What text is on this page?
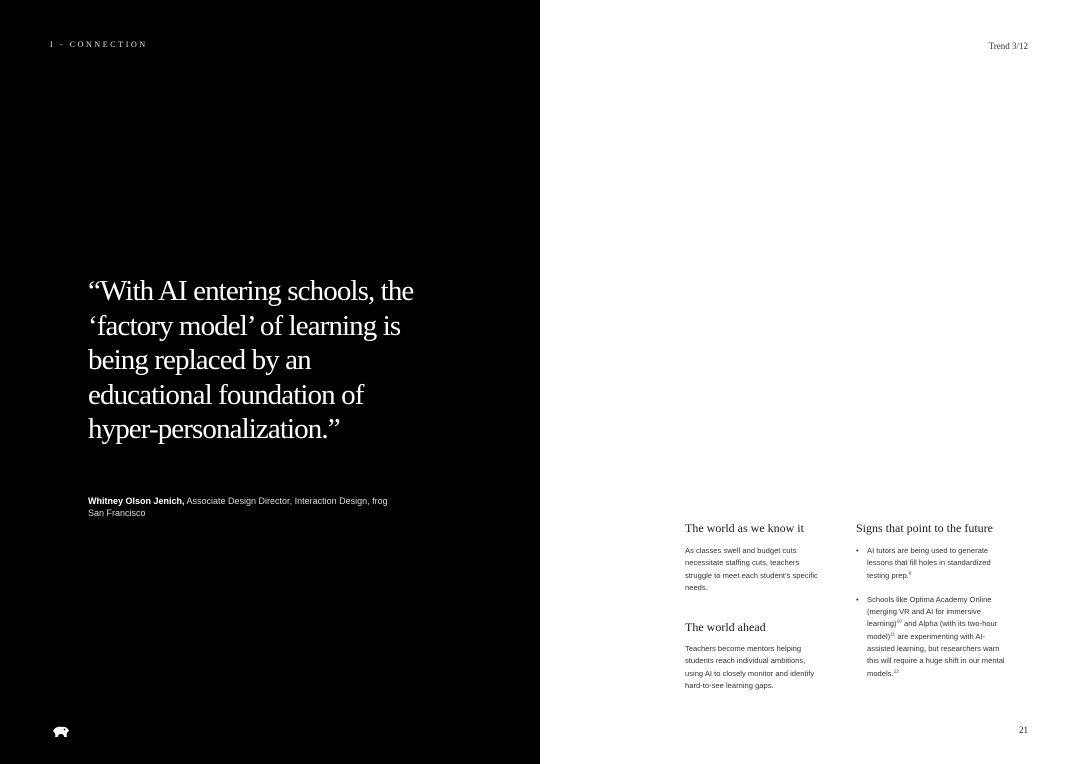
I - CONNECTION
“With AI entering schools, the ‘factory model’ of learning is being replaced by an educational foundation of hyper-personalization.”
Whitney Olson Jenich, Associate Design Director, Interaction Design, frog San Francisco
Trend 3/12
The world as we know it
As classes swell and budget cuts necessitate staffing cuts, teachers struggle to meet each student’s specific needs.
The world ahead
Teachers become mentors helping students reach individual ambitions, using AI to closely monitor and identify hard-to-see learning gaps.
Signs that point to the future
• AI tutors are being used to generate lessons that fill holes in standardized testing prep.$^9$
• Schools like Optima Academy Online (merging VR and AI for immersive learning)$^{10}$ and Alpha (with its two-hour model)$^{11}$ are experimenting with AI-assisted learning, but researchers warn this will require a huge shift in our mental models.$^{12}$
21
